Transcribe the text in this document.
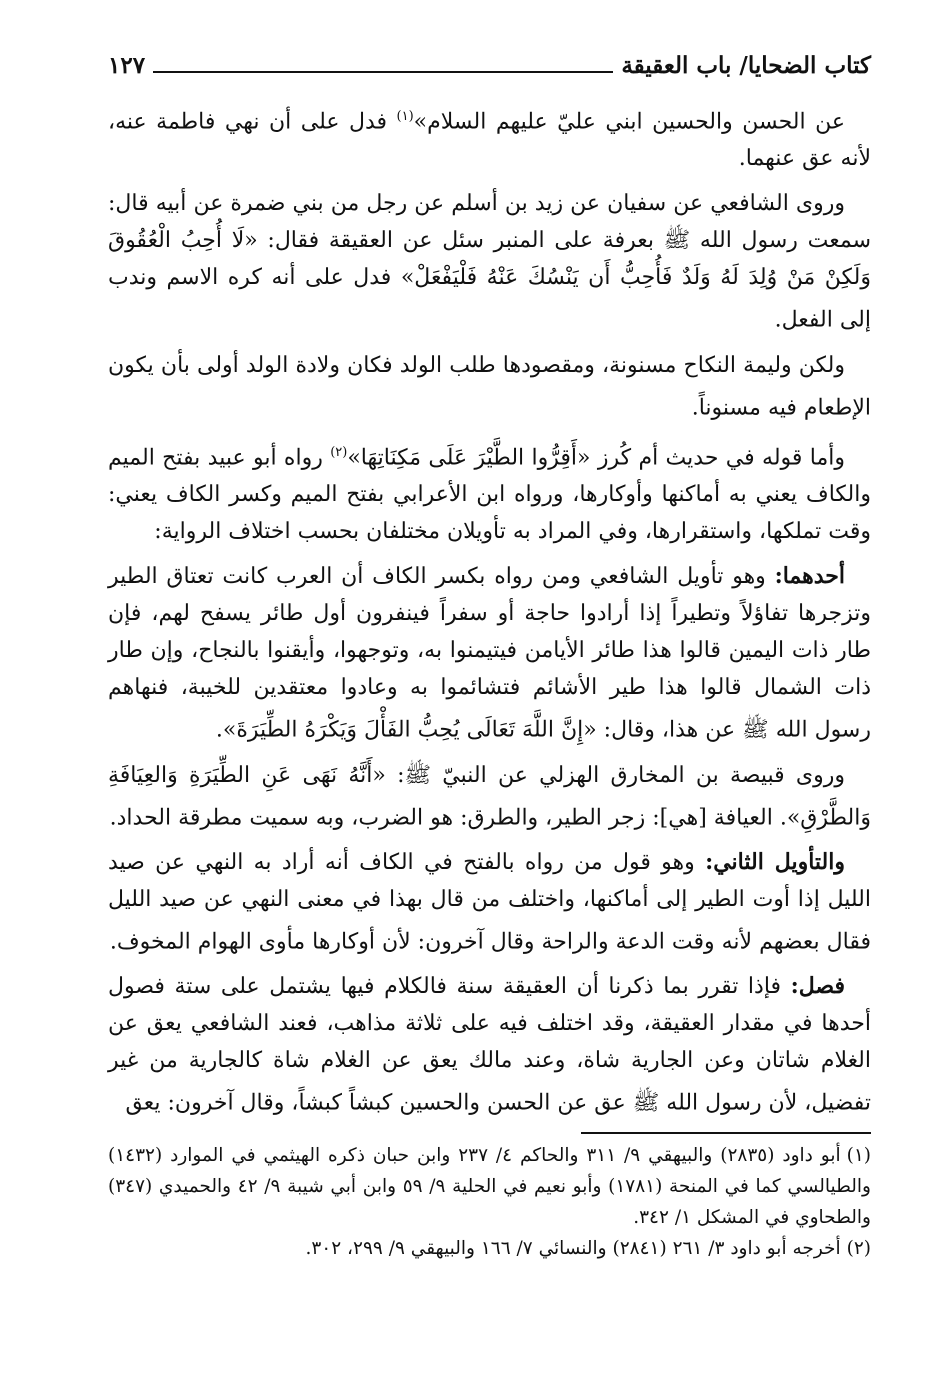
كتاب الضحايا/ باب العقيقة
١٢٧

عن الحسن والحسين ابني عليّ عليهم السلام»$^{(١)}$ فدل على أن نهي فاطمة عنه، لأنه عق عنهما.

وروى الشافعي عن سفيان عن زيد بن أسلم عن رجل من بني ضمرة عن أبيه قال: سمعت رسول الله ﷺ بعرفة على المنبر سئل عن العقيقة فقال: «لَا أُحِبُ الْعُقُوقَ وَلَكِنْ مَنْ وُلِدَ لَهُ وَلَدٌ فَأُحِبُّ أَن يَنْسُكَ عَنْهُ فَلْيَفْعَلْ» فدل على أنه كره الاسم وندب إلى الفعل.

ولكن وليمة النكاح مسنونة، ومقصودها طلب الولد فكان ولادة الولد أولى بأن يكون الإطعام فيه مسنوناً.

وأما قوله في حديث أم كُرز «أَقِرُّوا الطَّيْرَ عَلَى مَكِنَاتِهَا»$^{(٢)}$ رواه أبو عبيد بفتح الميم والكاف يعني به أماكنها وأوكارها، ورواه ابن الأعرابي بفتح الميم وكسر الكاف يعني: وقت تملكها، واستقرارها، وفي المراد به تأويلان مختلفان بحسب اختلاف الرواية:

أحدهما: وهو تأويل الشافعي ومن رواه بكسر الكاف أن العرب كانت تعتاق الطير وتزجرها تفاؤلاً وتطيراً إذا أرادوا حاجة أو سفراً فينفرون أول طائر يسفح لهم، فإن طار ذات اليمين قالوا هذا طائر الأيامن فيتيمنوا به، وتوجهوا، وأيقنوا بالنجاح، وإن طار ذات الشمال قالوا هذا طير الأشائم فتشائموا به وعادوا معتقدين للخيبة، فنهاهم رسول الله ﷺ عن هذا، وقال: «إِنَّ اللَّهَ تَعَالَى يُحِبُّ الفَأْلَ وَيَكْرَهُ الطِّيَرَةَ».

وروى قبيصة بن المخارق الهزلي عن النبيّ ﷺ: «أَنَّهُ نَهَى عَنِ الطِّيَرَةِ وَالعِيَافَةِ وَالطَّرْقِ». العيافة [هي]: زجر الطير، والطرق: هو الضرب، وبه سميت مطرقة الحداد.

والتأويل الثاني: وهو قول من رواه بالفتح في الكاف أنه أراد به النهي عن صيد الليل إذا أوت الطير إلى أماكنها، واختلف من قال بهذا في معنى النهي عن صيد الليل فقال بعضهم لأنه وقت الدعة والراحة وقال آخرون: لأن أوكارها مأوى الهوام المخوف.

فصل: فإذا تقرر بما ذكرنا أن العقيقة سنة فالكلام فيها يشتمل على ستة فصول أحدها في مقدار العقيقة، وقد اختلف فيه على ثلاثة مذاهب، فعند الشافعي يعق عن الغلام شاتان وعن الجارية شاة، وعند مالك يعق عن الغلام شاة كالجارية من غير تفضيل، لأن رسول الله ﷺ عق عن الحسن والحسين كبشاً كبشاً، وقال آخرون: يعق

(١)أبو داود (٢٨٣٥) والبيهقي ٩/ ٣١١ والحاكم ٤/ ٢٣٧ وابن حبان ذكره الهيثمي في الموارد (١٤٣٢) والطيالسي كما في المنحة (١٧٨١) وأبو نعيم في الحلية ٩/ ٥٩ وابن أبي شيبة ٩/ ٤٢ والحميدي (٣٤٧) والطحاوي في المشكل ١/ ٣٤٢.

(٢)أخرجه أبو داود ٣/ ٢٦١ (٢٨٤١) والنسائي ٧/ ١٦٦ والبيهقي ٩/ ٢٩٩، ٣٠٢.
